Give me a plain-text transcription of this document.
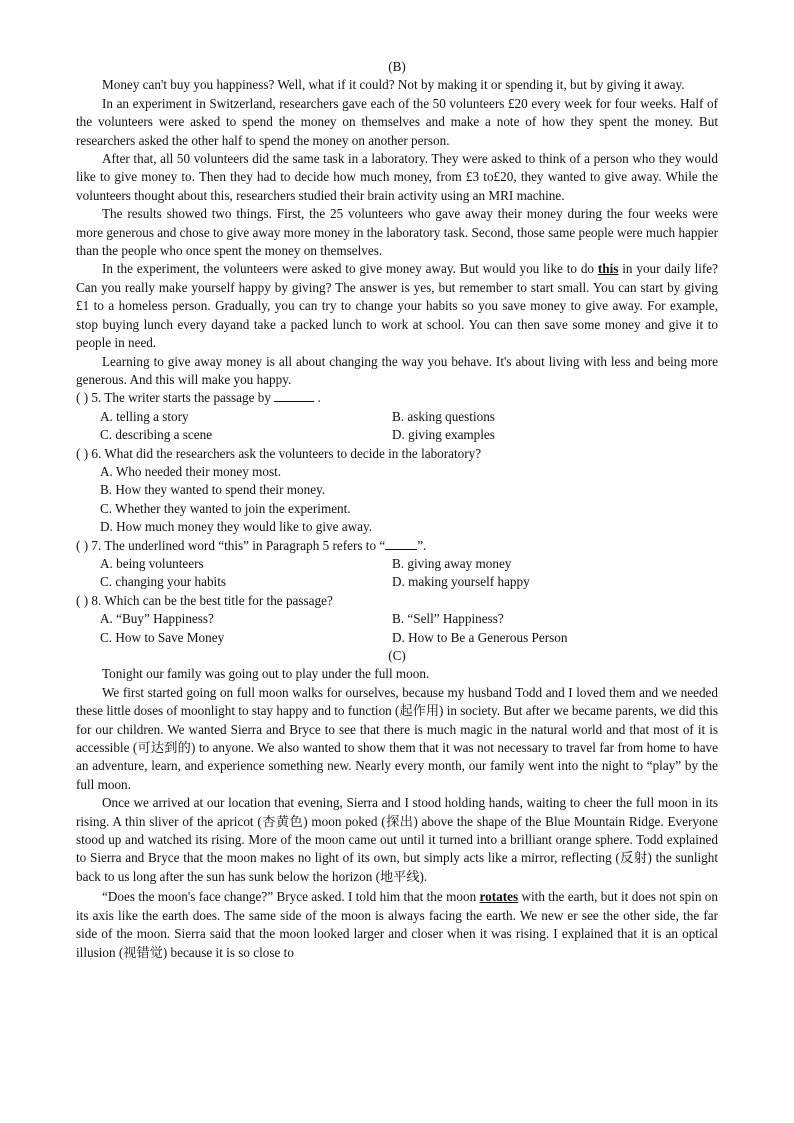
(B)

Money can't buy you happiness? Well, what if it could? Not by making it or spending it, but by giving it away.

In an experiment in Switzerland, researchers gave each of the 50 volunteers £20 every week for four weeks. Half of the volunteers were asked to spend the money on themselves and make a note of how they spent the money. But researchers asked the other half to spend the money on another person.

After that, all 50 volunteers did the same task in a laboratory. They were asked to think of a person who they would like to give money to. Then they had to decide how much money, from £3 to£20, they wanted to give away. While the volunteers thought about this, researchers studied their brain activity using an MRI machine.

The results showed two things. First, the 25 volunteers who gave away their money during the four weeks were more generous and chose to give away more money in the laboratory task. Second, those same people were much happier than the people who once spent the money on themselves.

In the experiment, the volunteers were asked to give money away. But would you like to do this in your daily life? Can you really make yourself happy by giving? The answer is yes, but remember to start small. You can start by giving £1 to a homeless person. Gradually, you can try to change your habits so you save money to give away. For example, stop buying lunch every dayand take a packed lunch to work at school. You can then save some money and give it to people in need.

Learning to give away money is all about changing the way you behave. It's about living with less and being more generous. And this will make you happy.

( ) 5. The writer starts the passage by	.

A. telling a story	B. asking questions

C. describing a scene	D. giving examples

( ) 6. What did the researchers ask the volunteers to decide in the laboratory?

A. Who needed their money most.

B. How they wanted to spend their money.

C. Whether they wanted to join the experiment.

D. How much money they would like to give away.

( ) 7. The underlined word “this” in Paragraph 5 refers to “ ”.

A. being volunteers	B. giving away money

C. changing your habits	D. making yourself happy

( ) 8. Which can be the best title for the passage?

A. “Buy” Happiness?	B. “Sell” Happiness?

C. How to Save Money	D. How to Be a Generous Person

(C)

Tonight our family was going out to play under the full moon.

We first started going on full moon walks for ourselves, because my husband Todd and I loved them and we needed these little doses of moonlight to stay happy and to function (起作用) in society. But after we became parents, we did this for our children. We wanted Sierra and Bryce to see that there is much magic in the natural world and that most of it is accessible (可达到的) to anyone. We also wanted to show them that it was not necessary to travel far from home to have an adventure, learn, and experience something new. Nearly every month, our family went into the night to “play” by the full moon.

Once we arrived at our location that evening, Sierra and I stood holding hands, waiting to cheer the full moon in its rising. A thin sliver of the apricot (杏黄色) moon poked (探出) above the shape of the Blue Mountain Ridge. Everyone stood up and watched its rising. More of the moon came out until it turned into a brilliant orange sphere. Todd explained to Sierra and Bryce that the moon makes no light of its own, but simply acts like a mirror, reflecting (反射) the sunlight back to us long after the sun has sunk below the horizon (地平线).

“Does the moon's face change?” Bryce asked. I told him that the moon rotates with the earth, but it does not spin on its axis like the earth does. The same side of the moon is always facing the earth. We new er see the other side, the far side of the moon. Sierra said that the moon looked larger and closer when it was rising. I explained that it is an optical illusion (视错觉) because it is so close to
